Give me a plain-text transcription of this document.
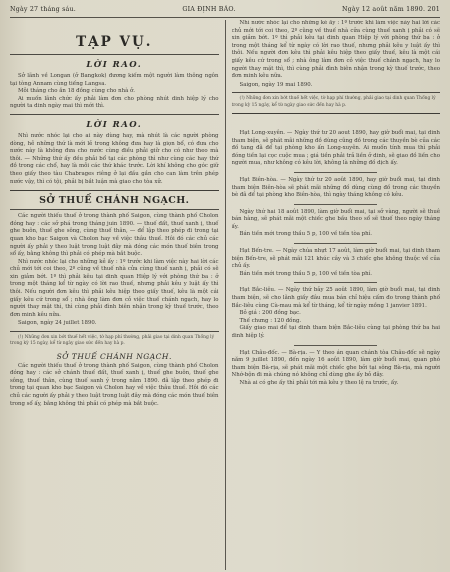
Ngày 27 tháng sáu.	GIA ĐỊNH BÁO.	Ngày 12 août năm 1890. 201
TẠP VỤ.
LỜI RAO.

Sở lãnh về Longan (ở Bangkok) đương kiếm một người làm thông ngôn tại tòng Annam cùng tiếng Langsa.

Mỗi tháng cho ăn 18 đồng cùng cho nhà ở.

Ai muốn lãnh chức ấy phải làm đơn cho phòng nhút dinh hiệp lý cho người ta dinh ngày mai thì mới thì.

LỜI RAO.

Nhì nước nhóc lại cho ai này dùng hay, mà nhút là các người phòng dòng, hễ những thứ là mới lẻ trong không đưa hay là giọn bổ, có đưa cho nước này là không đưa cho nước cùng điều phải giữ cho có như theo mà thôi. — Những thứ ấy đều phải bổ tại các phòng thì như cùng các hay thứ đồ trong các chổ, hay là mỗi các thứ khác trước. Lời khí không cho góc giữ theo giấy theo tàu Chabrages riêng ở lại đầu gần cho can làm trên phép nước vậy, thì có tội, phải bị bắt luận mà giao cho tòa xử.

SỞ THUẾ CHÁNH NGẠCH.

Các người thiếu thuế ở trong thành phố Saigon, cùng thành phố Cholon đóng hay : các sở phá trong tháng juin 1890. — thuế đất, thuế xanh ị, thuế ghe buôn, thuế ghe sông, cùng thuế thân, — để lập theo phép đi trong tại quan kho bạc Saigon và Cholon hay về việc thâu thuế. Hôi đó các chủ các người ấy phải y theo luật trong luật đây mà đóng các món thuế biên trong sổ ấy, bằng không thì phải có phép mà bắt buộc.

Nhì nước nhóc lại cho những kẻ ấy : 1º trước khi làm việc này hai lời các chủ mới tới coi theo, 2º cũng về thuế nhà cửa cùng thuế xanh ị, phải có sẽ xin giảm bớt. 1º thì phải kêu tại dinh quan Hiệp lý với phòng thứ ba : ở trong một tháng kể từ ngày có lời rao thuế, nhưng phải kêu y luật ấy thì thôi. Nếu người đơn kêu thì phải kêu hiệp theo giấy thuế, kêu là một cái giấy kêu cứ trong sổ ; nhà ông làm đơn cỏ việc thuế chánh ngạch, hay lo người thay mặt thì, thì cùng phải đình biên nhận trong kỳ thuế trước, theo đơn minh kêu nữa.

Saigon, ngày 24 juillet 1890.

(!) Những đơn xin bớt thuế hết việc, tờ hạp phí thường, phải giao tại dinh quan Thống lý trong kỳ 15 ngày, kể từ ngày giao sức đến hay hà p.

SỞ THUẾ CHÁNH NGẠCH.

Các người thiếu thuế ở trong thành phố Saigon, cùng thành phố Cholon đóng hay : các sở chánh thuế đất, thuế xanh ị, thuế ghe buôn, thuế ghe sông, thuế thân, cùng thuế sanh ý trong năm 1890. đã lập theo phép đi trong tại quan kho bạc Saigon và Cholon hay về việc thâu thuế. Hôi đó các chủ các người ấy phải y theo luật trong luật đây mà đóng các món thuế biên trong sổ ấy, bằng không thì phải có phép mà bắt buộc.

Nhì nước nhóc lại cho những kẻ ấy : 1º trước khi làm việc này hai lời các chủ mới tới coi theo, 2º cũng về thuế nhà cửa cùng thuế xanh ị phải có sẽ xin giảm bớt. 1º thì phải kêu tại dinh quan Hiệp lý với phòng thứ ba : ở trong một tháng kể từ ngày có lời rao thuế, nhưng phải kêu y luật ấy thì thôi. Nếu người đơn kêu thì phải kêu hiệp theo giấy thuế, kêu là một cái giấy kêu cứ trong sổ ; nhà ông làm đơn cỏ việc thuế chánh ngạch, hay lo người thay mặt thì, thì cùng phải đình biên nhận trong kỳ thuế trước, theo đơn minh kêu nữa.

Saigon, ngày 19 mai 1890.

(!) Những đơn xin bớt thuế hết việc, tờ hạp phí thường, phải giao tại dinh quan Thống lý trong kỳ 15 ngày, kể từ ngày giao sức đến hay hà p.

Hạt Long-xuyên. — Ngày thứ tư 20 aout 1890, hay giờ buổi mai, tại dinh tham biện, sẽ phát mãi những đồ dùng cũng đồ trong các thuyền bè của các đồ tang đã để tại phòng kho ấn Long-xuyên. Ai muốn tính mua thì phải đóng tiền lại cọc cuộc mua ; giá tiền phải trả liền ở dinh, sẽ giao đồ liền cho người mua, như không có kêu lời, không là những đồ dịch ấy.

Hạt Biên-hòa. — Ngày thứ tư 20 août 1890, hay giờ buổi mai, tại dinh tham biện Biên-hòa sẽ phát mãi những đồ dùng cùng đồ trong các thuyền bè đã để tại phòng kho Biên-hòa, thì ngày tháng không có kêu.

Ngày thứ hai 18 août 1890, làm giờ buổi mai, tại sở vàng, người sẽ thuê bán hàng, sẽ phát mãi một chiếc ghe bầu theo sổ sẽ thuế theo ngày tháng ấy.

Bán tiền mới trong thầu 5 p, 100 về tiền tòa phí.

Hạt Bến-tre. — Ngày chúa nhựt 17 août, làm giờ buổi mai, tại dinh tham biện Bến-tre, sẽ phát mãi 121 khúc cây và 3 chiếc ghe không thuộc về của chủ ấy.

Bán tiền mới trong thầu 5 p, 100 về tiền tòa phí.

Hạt Bắc-liêu. — Ngày thứ bảy 25 août 1890, làm giờ buổi mai, tại dinh tham biện, sẽ cho lãnh giấy đâu mua bán chỉ hiệu cấm đo trong thành phố Bắc-liêu cùng Cà-mau mà kể từ tháng, kể từ ngày mồng 1 janvier 1891.

Bỏ giá : 200 đồng bạc.

Thế chưng : 120 đồng.

Giấy giao mai để tại dinh tham biện Bắc-liêu cùng tại phòng thứ ba hai dinh hiệp lý.

Hạt Châu-đốc. — Bà-rịa. — Y theo án quan chánh tòa Châu-đốc sẽ ngày năm 9 juillet 1890, đến ngày 16 août 1890, làm giờ buổi mai, quan phó tham biện Bà-rịa, sẽ phát mãi một chiếc ghe bởi tại sông Bà-rịa, mà người Nhớ-bộn đi mà chúng nó không chỉ dùng ghe ấy bỏ đây.

Nhà ai có ghe ấy thì phải tới mà kêu y theo lệ ra trước, ấy.
